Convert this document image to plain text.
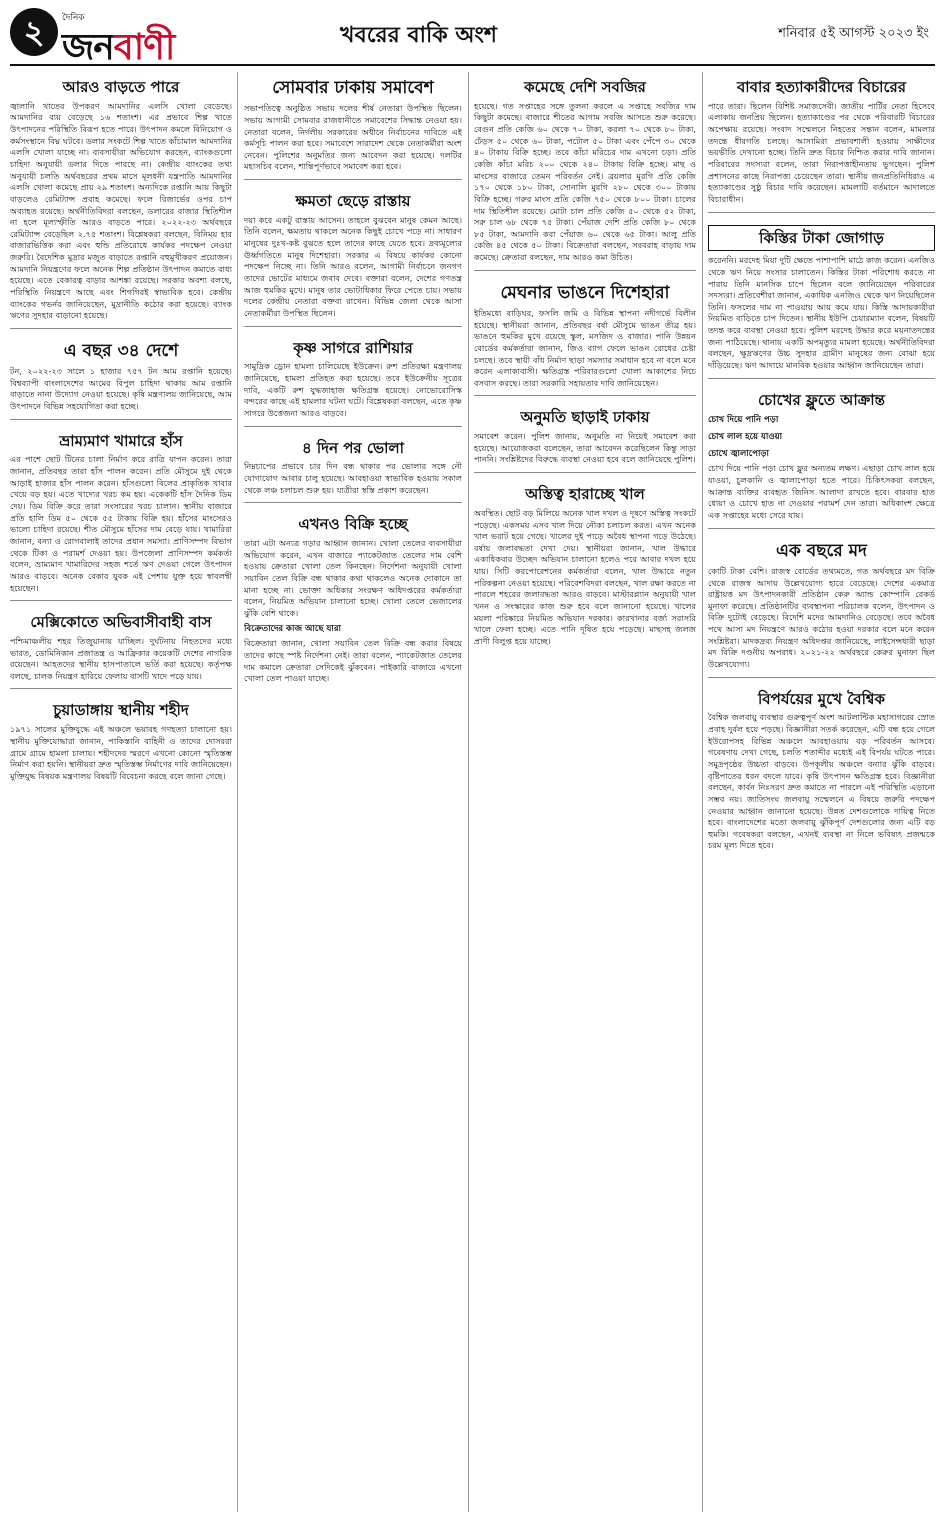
২	দৈনিক
জনবাণী	খবরের বাকি অংশ	শনিবার ৫ই আগস্ট ২০২৩ ইং
আরও বাড়তে পারে

জ্বালানি খাতের উপকরণ আমদানির এলসি খোলা বেড়েছে। আমদানির ব্যয় বেড়েছে ১৬ শতাংশ। এর প্রভাবে শিল্প খাতে উৎপাদনের পরিস্থিতি বিরূপ হতে পারে। উৎপাদন কমলে বিনিয়োগ ও কর্মসংস্থানে বিঘ্ন ঘটবে। ডলার সংকটে শিল্প খাতে কাঁচামাল আমদানির এলসি খোলা যাচ্ছে না। ব্যবসায়ীরা অভিযোগ করছেন, ব্যাংকগুলো চাহিদা অনুযায়ী ডলার দিতে পারছে না। কেন্দ্রীয় ব্যাংকের তথ্য অনুযায়ী চলতি অর্থবছরের প্রথম মাসে মূলধনী যন্ত্রপাতি আমদানির এলসি খোলা কমেছে প্রায় ২৯ শতাংশ। অন্যদিকে রপ্তানি আয় কিছুটা বাড়লেও রেমিট্যান্স প্রবাহ কমেছে। ফলে রিজার্ভের ওপর চাপ অব্যাহত রয়েছে। অর্থনীতিবিদরা বলছেন, ডলারের বাজার স্থিতিশীল না হলে মূল্যস্ফীতি আরও বাড়তে পারে। ২০২২-২৩ অর্থবছরে রেমিট্যান্স বেড়েছিল ২.৭৫ শতাংশ। বিশ্লেষকরা বলছেন, বিনিময় হার বাজারভিত্তিক করা এবং হুন্ডি প্রতিরোধে কার্যকর পদক্ষেপ নেওয়া জরুরি। বৈদেশিক মুদ্রার মজুত বাড়াতে রপ্তানি বহুমুখীকরণ প্রয়োজন। আমদানি নিয়ন্ত্রণের ফলে অনেক শিল্প প্রতিষ্ঠান উৎপাদন কমাতে বাধ্য হয়েছে। এতে বেকারত্ব বাড়ার আশঙ্কা রয়েছে। সরকার অবশ্য বলছে, পরিস্থিতি নিয়ন্ত্রণে আছে এবং শিগগিরই স্বাভাবিক হবে। কেন্দ্রীয় ব্যাংকের গভর্নর জানিয়েছেন, মুদ্রানীতি কঠোর করা হয়েছে। ব্যাংক ঋণের সুদহার বাড়ানো হয়েছে।

এ বছর ৩৪ দেশে

টন, ২০২২-২৩ সালে ১ হাজার ৭৫৭ টন আম রপ্তানি হয়েছে। বিশ্বব্যাপী বাংলাদেশের আমের বিপুল চাহিদা থাকায় আম রপ্তানি বাড়াতে নানা উদ্যোগ নেওয়া হয়েছে। কৃষি মন্ত্রণালয় জানিয়েছে, আম উৎপাদনে বিভিন্ন সহযোগিতা করা হচ্ছে।

ভ্রাম্যমাণ খামারে হাঁস

এর পাশে ছোট টিনের চালা নির্মাণ করে রাত্রি যাপন করেন। তারা জানান, প্রতিবছর তারা হাঁস পালন করেন। প্রতি মৌসুমে দুই থেকে আড়াই হাজার হাঁস পালন করেন। হাঁসগুলো বিলের প্রাকৃতিক খাবার খেয়ে বড় হয়। এতে খাদ্যের খরচ কম হয়। একেকটি হাঁস দৈনিক ডিম দেয়। ডিম বিক্রি করে তারা সংসারের খরচ চালান। স্থানীয় বাজারে প্রতি হালি ডিম ৫০ থেকে ৫৫ টাকায় বিক্রি হয়। হাঁসের মাংসেরও ভালো চাহিদা রয়েছে। শীত মৌসুমে হাঁসের দাম বেড়ে যায়। খামারিরা জানান, বন্যা ও রোগবালাই তাদের প্রধান সমস্যা। প্রাণিসম্পদ বিভাগ থেকে টিকা ও পরামর্শ দেওয়া হয়। উপজেলা প্রাণিসম্পদ কর্মকর্তা বলেন, ভ্রাম্যমাণ খামারিদের সহজ শর্তে ঋণ দেওয়া গেলে উৎপাদন আরও বাড়বে। অনেক বেকার যুবক এই পেশায় যুক্ত হয়ে স্বাবলম্বী হয়েছেন।

মেক্সিকোতে অভিবাসীবাহী বাস

পশ্চিমাঞ্চলীয় শহর তিজুয়ানায় যাচ্ছিল। দুর্ঘটনায় নিহতদের মধ্যে ভারত, ডোমিনিকান প্রজাতন্ত্র ও আফ্রিকার কয়েকটি দেশের নাগরিক রয়েছেন। আহতদের স্থানীয় হাসপাতালে ভর্তি করা হয়েছে। কর্তৃপক্ষ বলছে, চালক নিয়ন্ত্রণ হারিয়ে ফেলায় বাসটি খাদে পড়ে যায়।

চুয়াডাঙ্গায় স্থানীয় শহীদ

১৯৭১ সালের মুক্তিযুদ্ধে এই অঞ্চলে ভয়াবহ গণহত্যা চালানো হয়। স্থানীয় মুক্তিযোদ্ধারা জানান, পাকিস্তানি বাহিনী ও তাদের দোসররা গ্রামে গ্রামে হামলা চালায়। শহীদদের স্মরণে এখনো কোনো স্মৃতিস্তম্ভ নির্মাণ করা হয়নি। স্থানীয়রা দ্রুত স্মৃতিস্তম্ভ নির্মাণের দাবি জানিয়েছেন। মুক্তিযুদ্ধ বিষয়ক মন্ত্রণালয় বিষয়টি বিবেচনা করছে বলে জানা গেছে।

সোমবার ঢাকায় সমাবেশ

সভাপতিত্বে অনুষ্ঠিত সভায় দলের শীর্ষ নেতারা উপস্থিত ছিলেন। সভায় আগামী সোমবার রাজধানীতে সমাবেশের সিদ্ধান্ত নেওয়া হয়। নেতারা বলেন, নির্দলীয় সরকারের অধীনে নির্বাচনের দাবিতে এই কর্মসূচি পালন করা হবে। সমাবেশে সারাদেশ থেকে নেতাকর্মীরা অংশ নেবেন। পুলিশের অনুমতির জন্য আবেদন করা হয়েছে। দলটির মহাসচিব বলেন, শান্তিপূর্ণভাবে সমাবেশ করা হবে।

ক্ষমতা ছেড়ে রাস্তায়

দয়া করে একটু রাস্তায় আসেন। তাহলে বুঝবেন মানুষ কেমন আছে। তিনি বলেন, ক্ষমতায় থাকলে অনেক কিছুই চোখে পড়ে না। সাধারণ মানুষের দুঃখ-কষ্ট বুঝতে হলে তাদের কাছে যেতে হবে। দ্রব্যমূল্যের ঊর্ধ্বগতিতে মানুষ দিশেহারা। সরকার এ বিষয়ে কার্যকর কোনো পদক্ষেপ নিচ্ছে না। তিনি আরও বলেন, আগামী নির্বাচনে জনগণ তাদের ভোটের মাধ্যমে জবাব দেবে। বক্তারা বলেন, দেশের গণতন্ত্র আজ হুমকির মুখে। মানুষ তার ভোটাধিকার ফিরে পেতে চায়। সভায় দলের কেন্দ্রীয় নেতারা বক্তব্য রাখেন। বিভিন্ন জেলা থেকে আসা নেতাকর্মীরা উপস্থিত ছিলেন।

কৃষ্ণ সাগরে রাশিয়ার

সামুদ্রিক ড্রোন হামলা চালিয়েছে ইউক্রেন। রুশ প্রতিরক্ষা মন্ত্রণালয় জানিয়েছে, হামলা প্রতিহত করা হয়েছে। তবে ইউক্রেনীয় সূত্রের দাবি, একটি রুশ যুদ্ধজাহাজ ক্ষতিগ্রস্ত হয়েছে। নোভোরোসিস্ক বন্দরের কাছে এই হামলার ঘটনা ঘটে। বিশ্লেষকরা বলছেন, এতে কৃষ্ণ সাগরে উত্তেজনা আরও বাড়বে।

৪ দিন পর ভোলা

নিম্নচাপের প্রভাবে চার দিন বন্ধ থাকার পর ভোলার সঙ্গে নৌ যোগাযোগ আবার চালু হয়েছে। আবহাওয়া স্বাভাবিক হওয়ায় সকাল থেকে লঞ্চ চলাচল শুরু হয়। যাত্রীরা স্বস্তি প্রকাশ করেছেন।

এখনও বিক্রি হচ্ছে

তারা এটা অন্যত্র গড়ার আহ্বান জানান। খোলা তেলের ব্যবসায়ীরা অভিযোগ করেন, এখন বাজারে প্যাকেটজাত তেলের দাম বেশি হওয়ায় ক্রেতারা খোলা তেল কিনছেন। নির্দেশনা অনুযায়ী খোলা সয়াবিন তেল বিক্রি বন্ধ থাকার কথা থাকলেও অনেক দোকানে তা মানা হচ্ছে না। ভোক্তা অধিকার সংরক্ষণ অধিদপ্তরের কর্মকর্তারা বলেন, নিয়মিত অভিযান চালানো হচ্ছে। খোলা তেলে ভেজালের ঝুঁকি বেশি থাকে।

বিক্রেতাদের কাজ আছে যারা

বিক্রেতারা জানান, খোলা সয়াবিন তেল বিক্রি বন্ধ করার বিষয়ে তাদের কাছে স্পষ্ট নির্দেশনা নেই। তারা বলেন, প্যাকেটজাত তেলের দাম কমালে ক্রেতারা সেদিকেই ঝুঁকবেন। পাইকারি বাজারে এখনো খোলা তেল পাওয়া যাচ্ছে।

কমেছে দেশি সবজির

হয়েছে। গত সপ্তাহের সঙ্গে তুলনা করলে এ সপ্তাহে সবজির দাম কিছুটা কমেছে। বাজারে শীতের আগাম সবজি আসতে শুরু করেছে। বেগুন প্রতি কেজি ৬০ থেকে ৭০ টাকা, করলা ৭০ থেকে ৮০ টাকা, ঢেঁড়স ৫০ থেকে ৬০ টাকা, পটোল ৫০ টাকা এবং পেঁপে ৩০ থেকে ৪০ টাকায় বিক্রি হচ্ছে। তবে কাঁচা মরিচের দাম এখনো চড়া। প্রতি কেজি কাঁচা মরিচ ২০০ থেকে ২৪০ টাকায় বিক্রি হচ্ছে। মাছ ও মাংসের বাজারে তেমন পরিবর্তন নেই। ব্রয়লার মুরগি প্রতি কেজি ১৭০ থেকে ১৮০ টাকা, সোনালি মুরগি ২৮০ থেকে ৩০০ টাকায় বিক্রি হচ্ছে। গরুর মাংস প্রতি কেজি ৭৫০ থেকে ৮০০ টাকা। চালের দাম স্থিতিশীল রয়েছে। মোটা চাল প্রতি কেজি ৫০ থেকে ৫২ টাকা, সরু চাল ৬৮ থেকে ৭৫ টাকা। পেঁয়াজ দেশি প্রতি কেজি ৮০ থেকে ৮৫ টাকা, আমদানি করা পেঁয়াজ ৬০ থেকে ৬৫ টাকা। আলু প্রতি কেজি ৪৫ থেকে ৫০ টাকা। বিক্রেতারা বলছেন, সরবরাহ বাড়ায় দাম কমেছে। ক্রেতারা বলছেন, দাম আরও কমা উচিত।

মেঘনার ভাঙনে দিশেহারা

ইতিমধ্যে বাড়িঘর, ফসলি জমি ও বিভিন্ন স্থাপনা নদীগর্ভে বিলীন হয়েছে। স্থানীয়রা জানান, প্রতিবছর বর্ষা মৌসুমে ভাঙন তীব্র হয়। ভাঙনে হুমকির মুখে রয়েছে স্কুল, মসজিদ ও বাজার। পানি উন্নয়ন বোর্ডের কর্মকর্তারা জানান, জিও ব্যাগ ফেলে ভাঙন রোধের চেষ্টা চলছে। তবে স্থায়ী বাঁধ নির্মাণ ছাড়া সমস্যার সমাধান হবে না বলে মনে করেন এলাকাবাসী। ক্ষতিগ্রস্ত পরিবারগুলো খোলা আকাশের নিচে বসবাস করছে। তারা সরকারি সহায়তার দাবি জানিয়েছেন।

অনুমতি ছাড়াই ঢাকায়

সমাবেশ করেন। পুলিশ জানায়, অনুমতি না নিয়েই সমাবেশ করা হয়েছে। আয়োজকরা বলেছেন, তারা আবেদন করেছিলেন কিন্তু সাড়া পাননি। সংশ্লিষ্টদের বিরুদ্ধে ব্যবস্থা নেওয়া হবে বলে জানিয়েছে পুলিশ।

অস্তিত্ব হারাচ্ছে খাল

অবস্থিত। ছোট বড় মিলিয়ে অনেক খাল দখল ও দূষণে অস্তিত্ব সংকটে পড়েছে। একসময় এসব খাল দিয়ে নৌকা চলাচল করত। এখন অনেক খাল ভরাট হয়ে গেছে। খালের দুই পাড়ে অবৈধ স্থাপনা গড়ে উঠেছে। বর্ষায় জলাবদ্ধতা দেখা দেয়। স্থানীয়রা জানান, খাল উদ্ধারে একাধিকবার উচ্ছেদ অভিযান চালানো হলেও পরে আবার দখল হয়ে যায়। সিটি করপোরেশনের কর্মকর্তারা বলেন, খাল উদ্ধারে নতুন পরিকল্পনা নেওয়া হয়েছে। পরিবেশবিদরা বলছেন, খাল রক্ষা করতে না পারলে শহরের জলাবদ্ধতা আরও বাড়বে। মাস্টারপ্ল্যান অনুযায়ী খাল খনন ও সংস্কারের কাজ শুরু হবে বলে জানানো হয়েছে। খালের ময়লা পরিষ্কারে নিয়মিত অভিযান দরকার। কারখানার বর্জ্য সরাসরি খালে ফেলা হচ্ছে। এতে পানি দূষিত হয়ে পড়েছে। মাছসহ জলজ প্রাণী বিলুপ্ত হয়ে যাচ্ছে।

বাবার হত্যাকারীদের বিচারের

পারে তারা। ছিলেন বিশিষ্ট সমাজসেবী। জাতীয় পার্টির নেতা হিসেবে এলাকায় জনপ্রিয় ছিলেন। হত্যাকাণ্ডের পর থেকে পরিবারটি বিচারের অপেক্ষায় রয়েছে। সংবাদ সম্মেলনে নিহতের সন্তান বলেন, মামলার তদন্তে ধীরগতি চলছে। আসামিরা প্রভাবশালী হওয়ায় সাক্ষীদের ভয়ভীতি দেখানো হচ্ছে। তিনি দ্রুত বিচার নিশ্চিত করার দাবি জানান। পরিবারের সদস্যরা বলেন, তারা নিরাপত্তাহীনতায় ভুগছেন। পুলিশ প্রশাসনের কাছে নিরাপত্তা চেয়েছেন তারা। স্থানীয় জনপ্রতিনিধিরাও এ হত্যাকাণ্ডের সুষ্ঠু বিচার দাবি করেছেন। মামলাটি বর্তমানে আদালতে বিচারাধীন।

কিস্তির টাকা জোগাড়

করেননি। মরদেহ মিয়া দুটি ক্ষেতে পাশাপাশি মাঠে কাজ করেন। এনজিও থেকে ঋণ নিয়ে সংসার চালাতেন। কিস্তির টাকা পরিশোধ করতে না পারায় তিনি মানসিক চাপে ছিলেন বলে জানিয়েছেন পরিবারের সদস্যরা। প্রতিবেশীরা জানান, একাধিক এনজিও থেকে ঋণ নিয়েছিলেন তিনি। ফসলের দাম না পাওয়ায় আয় কমে যায়। কিস্তি আদায়কারীরা নিয়মিত বাড়িতে চাপ দিতেন। স্থানীয় ইউপি চেয়ারম্যান বলেন, বিষয়টি তদন্ত করে ব্যবস্থা নেওয়া হবে। পুলিশ মরদেহ উদ্ধার করে ময়নাতদন্তের জন্য পাঠিয়েছে। থানায় একটি অপমৃত্যুর মামলা হয়েছে। অর্থনীতিবিদরা বলছেন, ক্ষুদ্রঋণের উচ্চ সুদহার গ্রামীণ মানুষের জন্য বোঝা হয়ে দাঁড়িয়েছে। ঋণ আদায়ে মানবিক হওয়ার আহ্বান জানিয়েছেন তারা।

চোখের ফ্লুতে আক্রান্ত
চোখ দিয়ে পানি পড়া
চোখ লাল হয়ে যাওয়া
চোখে জ্বালাপোড়া

চোখ দিয়ে পানি পড়া চোখ ফ্লুর অন্যতম লক্ষণ। এছাড়া চোখ লাল হয়ে যাওয়া, চুলকানি ও জ্বালাপোড়া হতে পারে। চিকিৎসকরা বলছেন, আক্রান্ত ব্যক্তির ব্যবহৃত জিনিস আলাদা রাখতে হবে। বারবার হাত ধোয়া ও চোখে হাত না দেওয়ার পরামর্শ দেন তারা। অধিকাংশ ক্ষেত্রে এক সপ্তাহের মধ্যে সেরে যায়।

এক বছরে মদ

কোটি টাকা বেশি। রাজস্ব বোর্ডের তথ্যমতে, গত অর্থবছরে মদ বিক্রি থেকে রাজস্ব আদায় উল্লেখযোগ্য হারে বেড়েছে। দেশের একমাত্র রাষ্ট্রায়ত্ত মদ উৎপাদনকারী প্রতিষ্ঠান কেরু অ্যান্ড কোম্পানি রেকর্ড মুনাফা করেছে। প্রতিষ্ঠানটির ব্যবস্থাপনা পরিচালক বলেন, উৎপাদন ও বিক্রি দুটোই বেড়েছে। বিদেশি মদের আমদানিও বেড়েছে। তবে অবৈধ পথে আসা মদ নিয়ন্ত্রণে আরও কঠোর হওয়া দরকার বলে মনে করেন সংশ্লিষ্টরা। মাদকদ্রব্য নিয়ন্ত্রণ অধিদপ্তর জানিয়েছে, লাইসেন্সধারী ছাড়া মদ বিক্রি দণ্ডনীয় অপরাধ। ২০২১-২২ অর্থবছরে কেরুর মুনাফা ছিল উল্লেখযোগ্য।

বিপর্যয়ের মুখে বৈশ্বিক

বৈশ্বিক জলবায়ু ব্যবস্থার গুরুত্বপূর্ণ অংশ আটলান্টিক মহাসাগরের স্রোত প্রবাহ দুর্বল হয়ে পড়ছে। বিজ্ঞানীরা সতর্ক করেছেন, এটি বন্ধ হয়ে গেলে ইউরোপসহ বিভিন্ন অঞ্চলে আবহাওয়ায় বড় পরিবর্তন আসবে। গবেষণায় দেখা গেছে, চলতি শতাব্দীর মধ্যেই এই বিপর্যয় ঘটতে পারে। সমুদ্রপৃষ্ঠের উচ্চতা বাড়বে। উপকূলীয় অঞ্চলে বন্যার ঝুঁকি বাড়বে। বৃষ্টিপাতের ধরন বদলে যাবে। কৃষি উৎপাদন ক্ষতিগ্রস্ত হবে। বিজ্ঞানীরা বলছেন, কার্বন নিঃসরণ দ্রুত কমাতে না পারলে এই পরিস্থিতি এড়ানো সম্ভব নয়। জাতিসংঘ জলবায়ু সম্মেলনে এ বিষয়ে জরুরি পদক্ষেপ নেওয়ার আহ্বান জানানো হয়েছে। উন্নত দেশগুলোকে দায়িত্ব নিতে হবে। বাংলাদেশের মতো জলবায়ু ঝুঁকিপূর্ণ দেশগুলোর জন্য এটি বড় হুমকি। গবেষকরা বলছেন, এখনই ব্যবস্থা না নিলে ভবিষ্যৎ প্রজন্মকে চরম মূল্য দিতে হবে।
